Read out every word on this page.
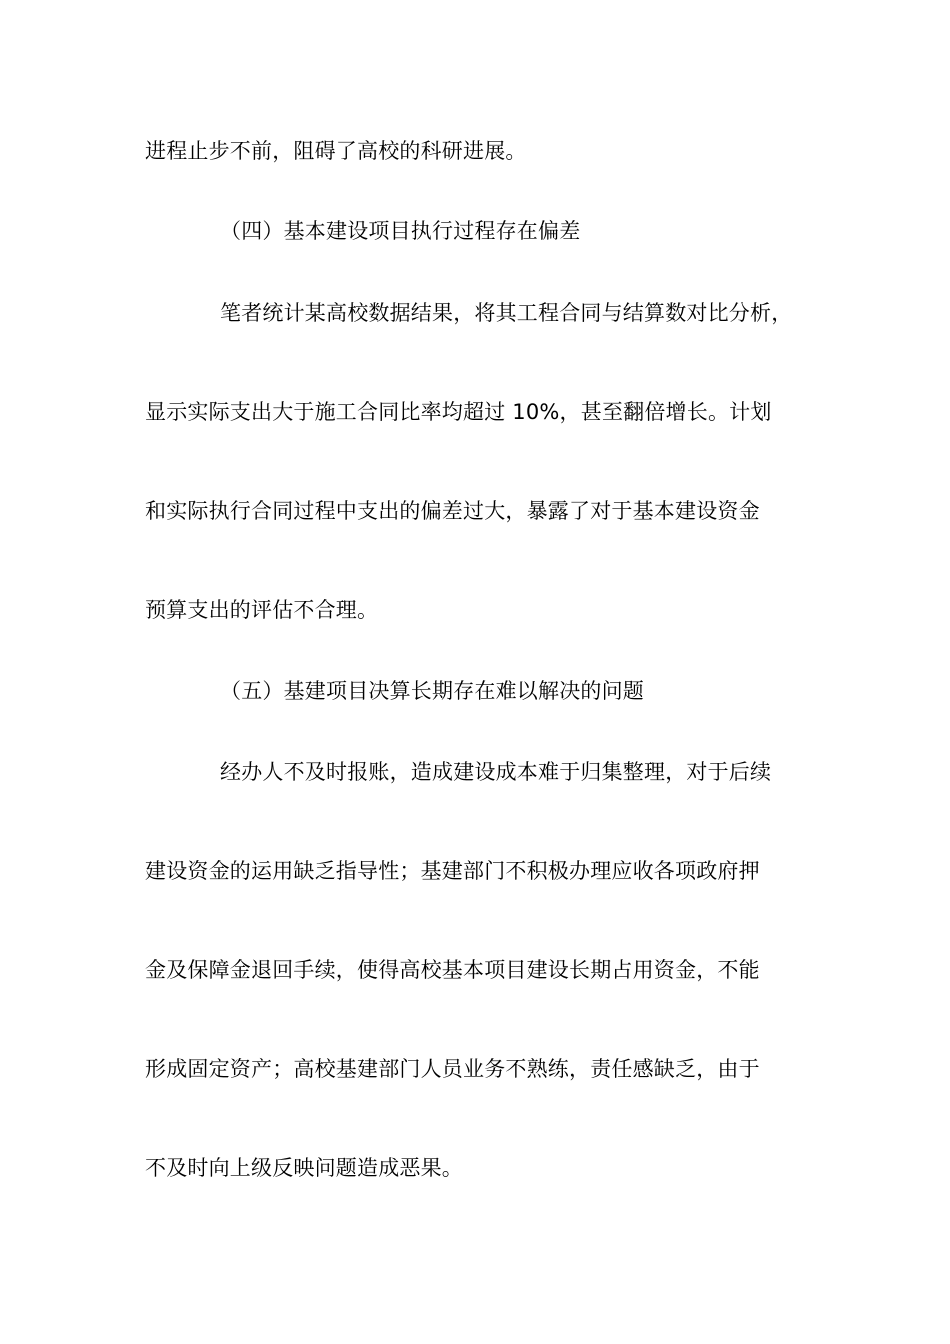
进程止步不前，阻碍了高校的科研进展。
（四）基本建设项目执行过程存在偏差
笔者统计某高校数据结果，将其工程合同与结算数对比分析，
显示实际支出大于施工合同比率均超过 10%，甚至翻倍增长。计划
和实际执行合同过程中支出的偏差过大，暴露了对于基本建设资金
预算支出的评估不合理。
（五）基建项目决算长期存在难以解决的问题
经办人不及时报账，造成建设成本难于归集整理，对于后续
建设资金的运用缺乏指导性；基建部门不积极办理应收各项政府押
金及保障金退回手续，使得高校基本项目建设长期占用资金，不能
形成固定资产；高校基建部门人员业务不熟练，责任感缺乏，由于
不及时向上级反映问题造成恶果。
